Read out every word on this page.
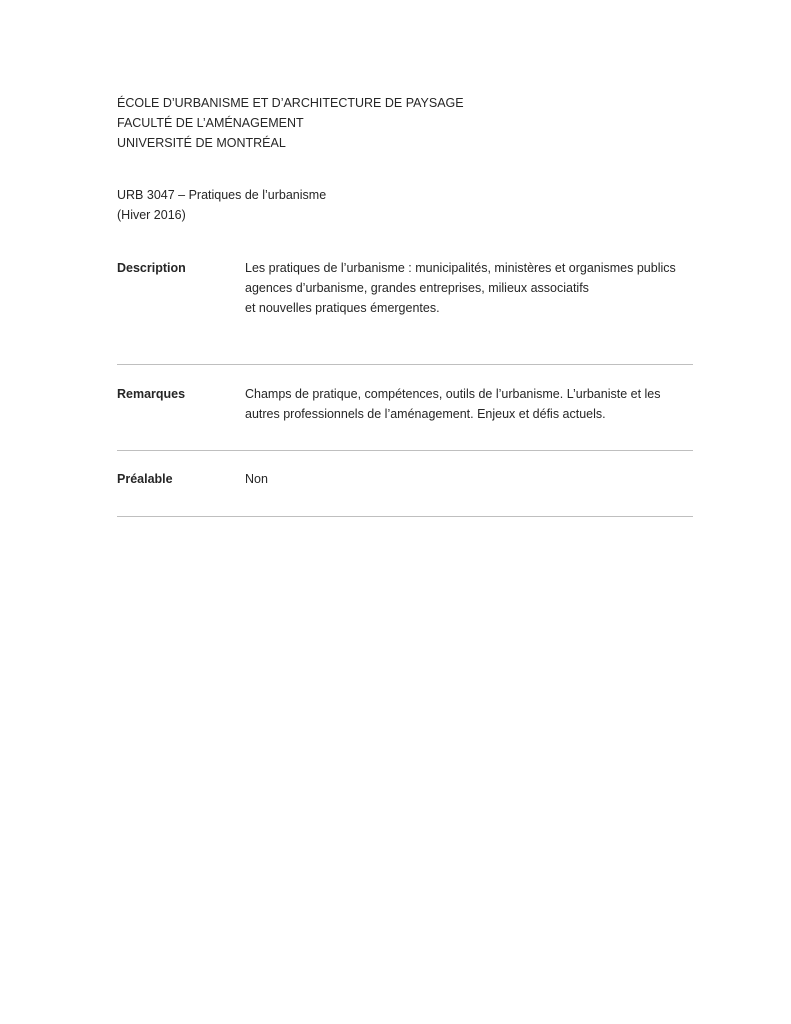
ÉCOLE D’URBANISME ET D’ARCHITECTURE DE PAYSAGE
FACULTÉ DE L’AMÉNAGEMENT
UNIVERSITÉ DE MONTRÉAL
URB 3047 – Pratiques de l’urbanisme
(Hiver 2016)
Description	Les pratiques de l’urbanisme : municipalités, ministères et organismes publics
agences d’urbanisme, grandes entreprises, milieux associatifs
et nouvelles pratiques émergentes.
Remarques	Champs de pratique, compétences, outils de l’urbanisme. L’urbaniste et les
autres professionnels de l’aménagement. Enjeux et défis actuels.
Préalable	Non
